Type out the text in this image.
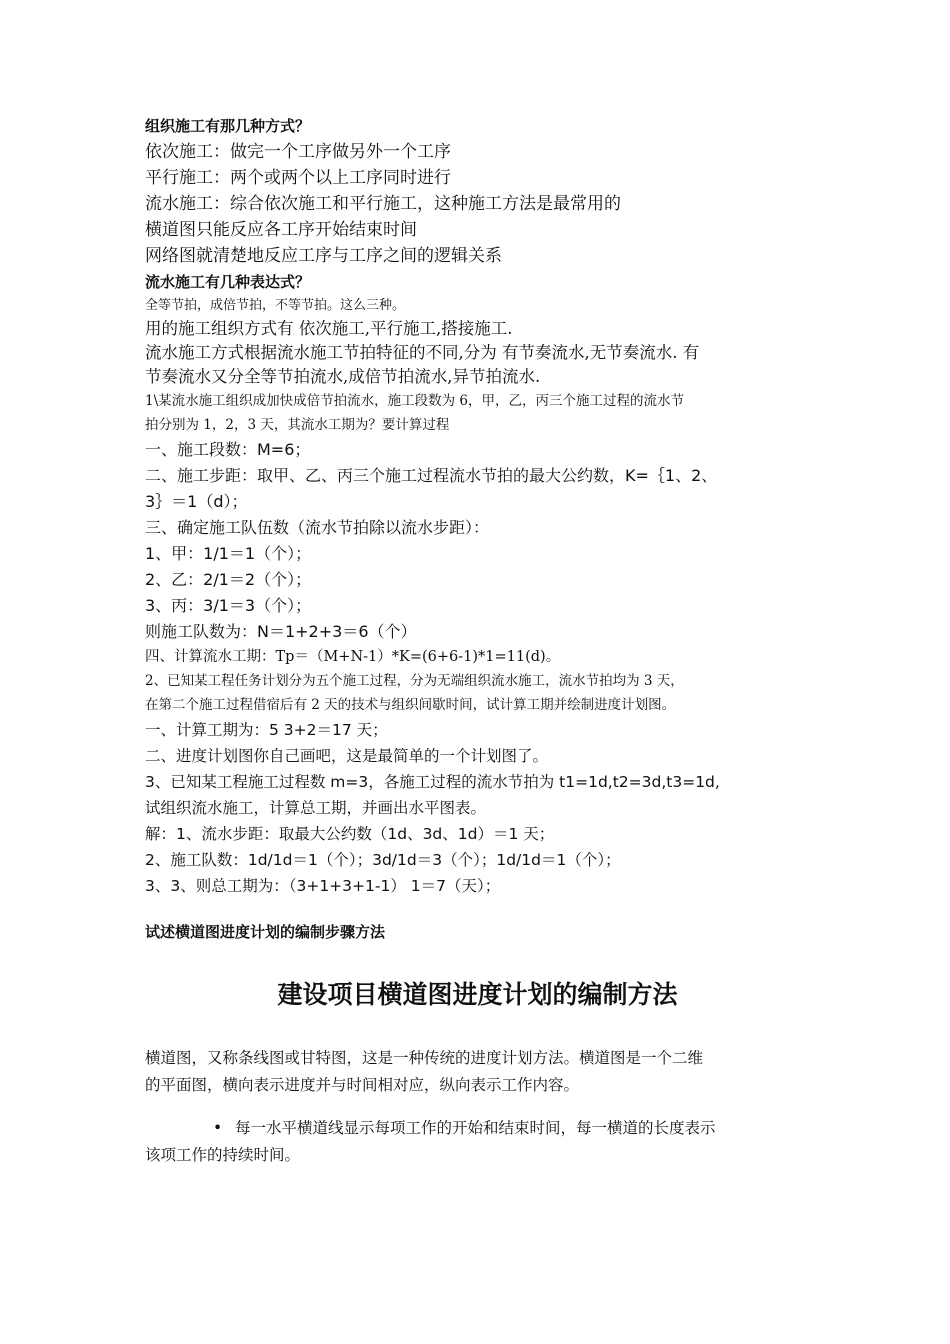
组织施工有那几种方式？
依次施工：做完一个工序做另外一个工序
平行施工：两个或两个以上工序同时进行
流水施工：综合依次施工和平行施工，这种施工方法是最常用的
横道图只能反应各工序开始结束时间
网络图就清楚地反应工序与工序之间的逻辑关系
流水施工有几种表达式？
全等节拍，成倍节拍，不等节拍。这么三种。
用的施工组织方式有 依次施工,平行施工,搭接施工.
流水施工方式根据流水施工节拍特征的不同,分为 有节奏流水,无节奏流水. 有
节奏流水又分全等节拍流水,成倍节拍流水,异节拍流水.
1\某流水施工组织成加快成倍节拍流水，施工段数为 6，甲，乙，丙三个施工过程的流水节
拍分别为 1，2，3 天，其流水工期为？要计算过程
一、施工段数：M=6；
二、施工步距：取甲、乙、丙三个施工过程流水节拍的最大公约数，K=｛1、2、
3｝＝1（d）；
三、确定施工队伍数（流水节拍除以流水步距）：
1、甲：1/1＝1（个）；
2、乙：2/1＝2（个）；
3、丙：3/1＝3（个）；
则施工队数为：N＝1+2+3＝6（个）
四、计算流水工期：Tp＝（M+N-1）*K=(6+6-1)*1=11(d)。
2、已知某工程任务计划分为五个施工过程，分为无端组织流水施工，流水节拍均为 3 天，
在第二个施工过程借宿后有 2 天的技术与组织间歇时间，试计算工期并绘制进度计划图。
一、计算工期为：5 3+2＝17 天；
二、进度计划图你自己画吧，这是最简单的一个计划图了。
3、已知某工程施工过程数 m=3，各施工过程的流水节拍为 t1=1d,t2=3d,t3=1d,
试组织流水施工，计算总工期，并画出水平图表。
解：1、流水步距：取最大公约数（1d、3d、1d）＝1 天；
2、施工队数：1d/1d＝1（个）；3d/1d＝3（个）；1d/1d＝1（个）；
3、3、则总工期为：（3+1+3+1-1） 1＝7（天）；
试述横道图进度计划的编制步骤方法
建设项目横道图进度计划的编制方法
横道图，又称条线图或甘特图，这是一种传统的进度计划方法。横道图是一个二维
的平面图，横向表示进度并与时间相对应，纵向表示工作内容。
• 每一水平横道线显示每项工作的开始和结束时间，每一横道的长度表示
该项工作的持续时间。
